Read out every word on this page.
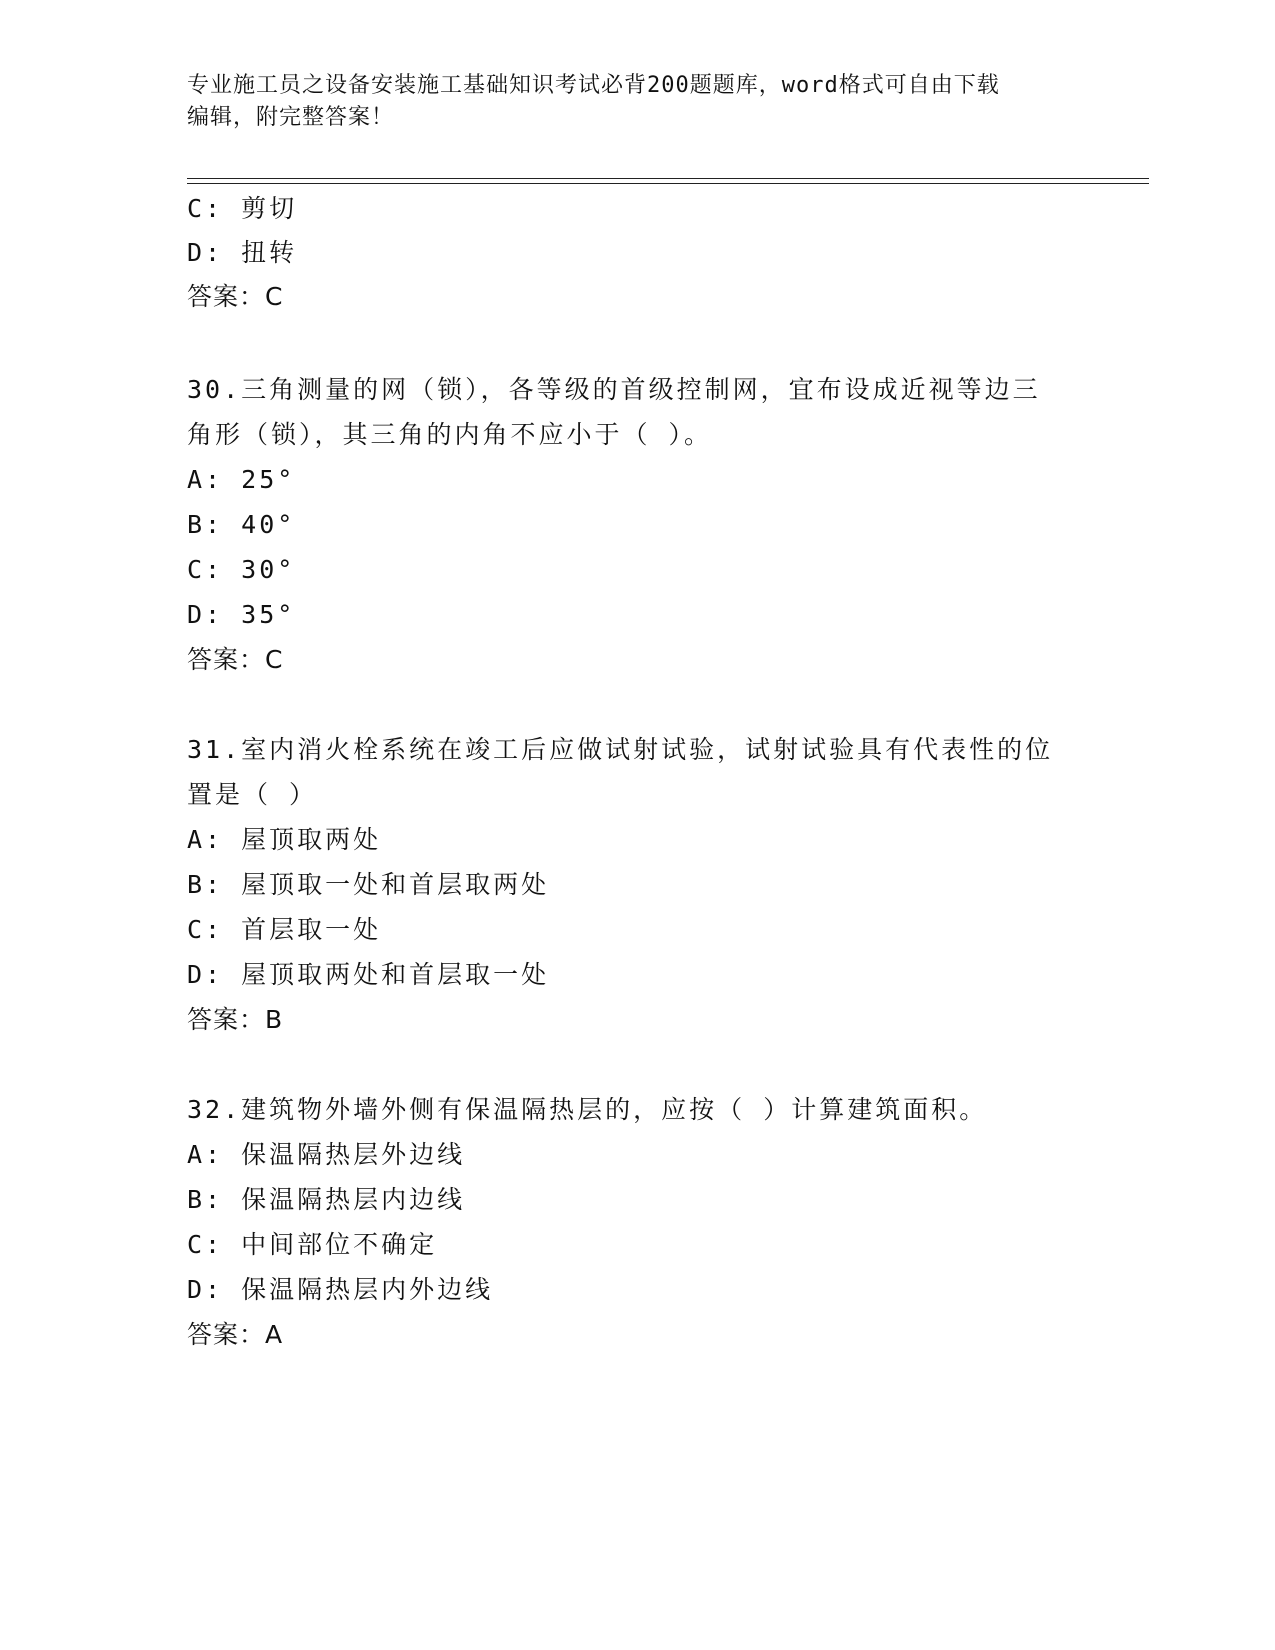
专业施工员之设备安装施工基础知识考试必背200题题库，word格式可自由下载
编辑，附完整答案！
C: 剪切
D: 扭转
答案：C
30.三角测量的网（锁），各等级的首级控制网，宜布设成近视等边三
角形（锁），其三角的内角不应小于（ ）。
A: 25°
B: 40°
C: 30°
D: 35°
答案：C
31.室内消火栓系统在竣工后应做试射试验，试射试验具有代表性的位
置是（ ）
A: 屋顶取两处
B: 屋顶取一处和首层取两处
C: 首层取一处
D: 屋顶取两处和首层取一处
答案：B
32.建筑物外墙外侧有保温隔热层的，应按（ ）计算建筑面积。
A: 保温隔热层外边线
B: 保温隔热层内边线
C: 中间部位不确定
D: 保温隔热层内外边线
答案：A
